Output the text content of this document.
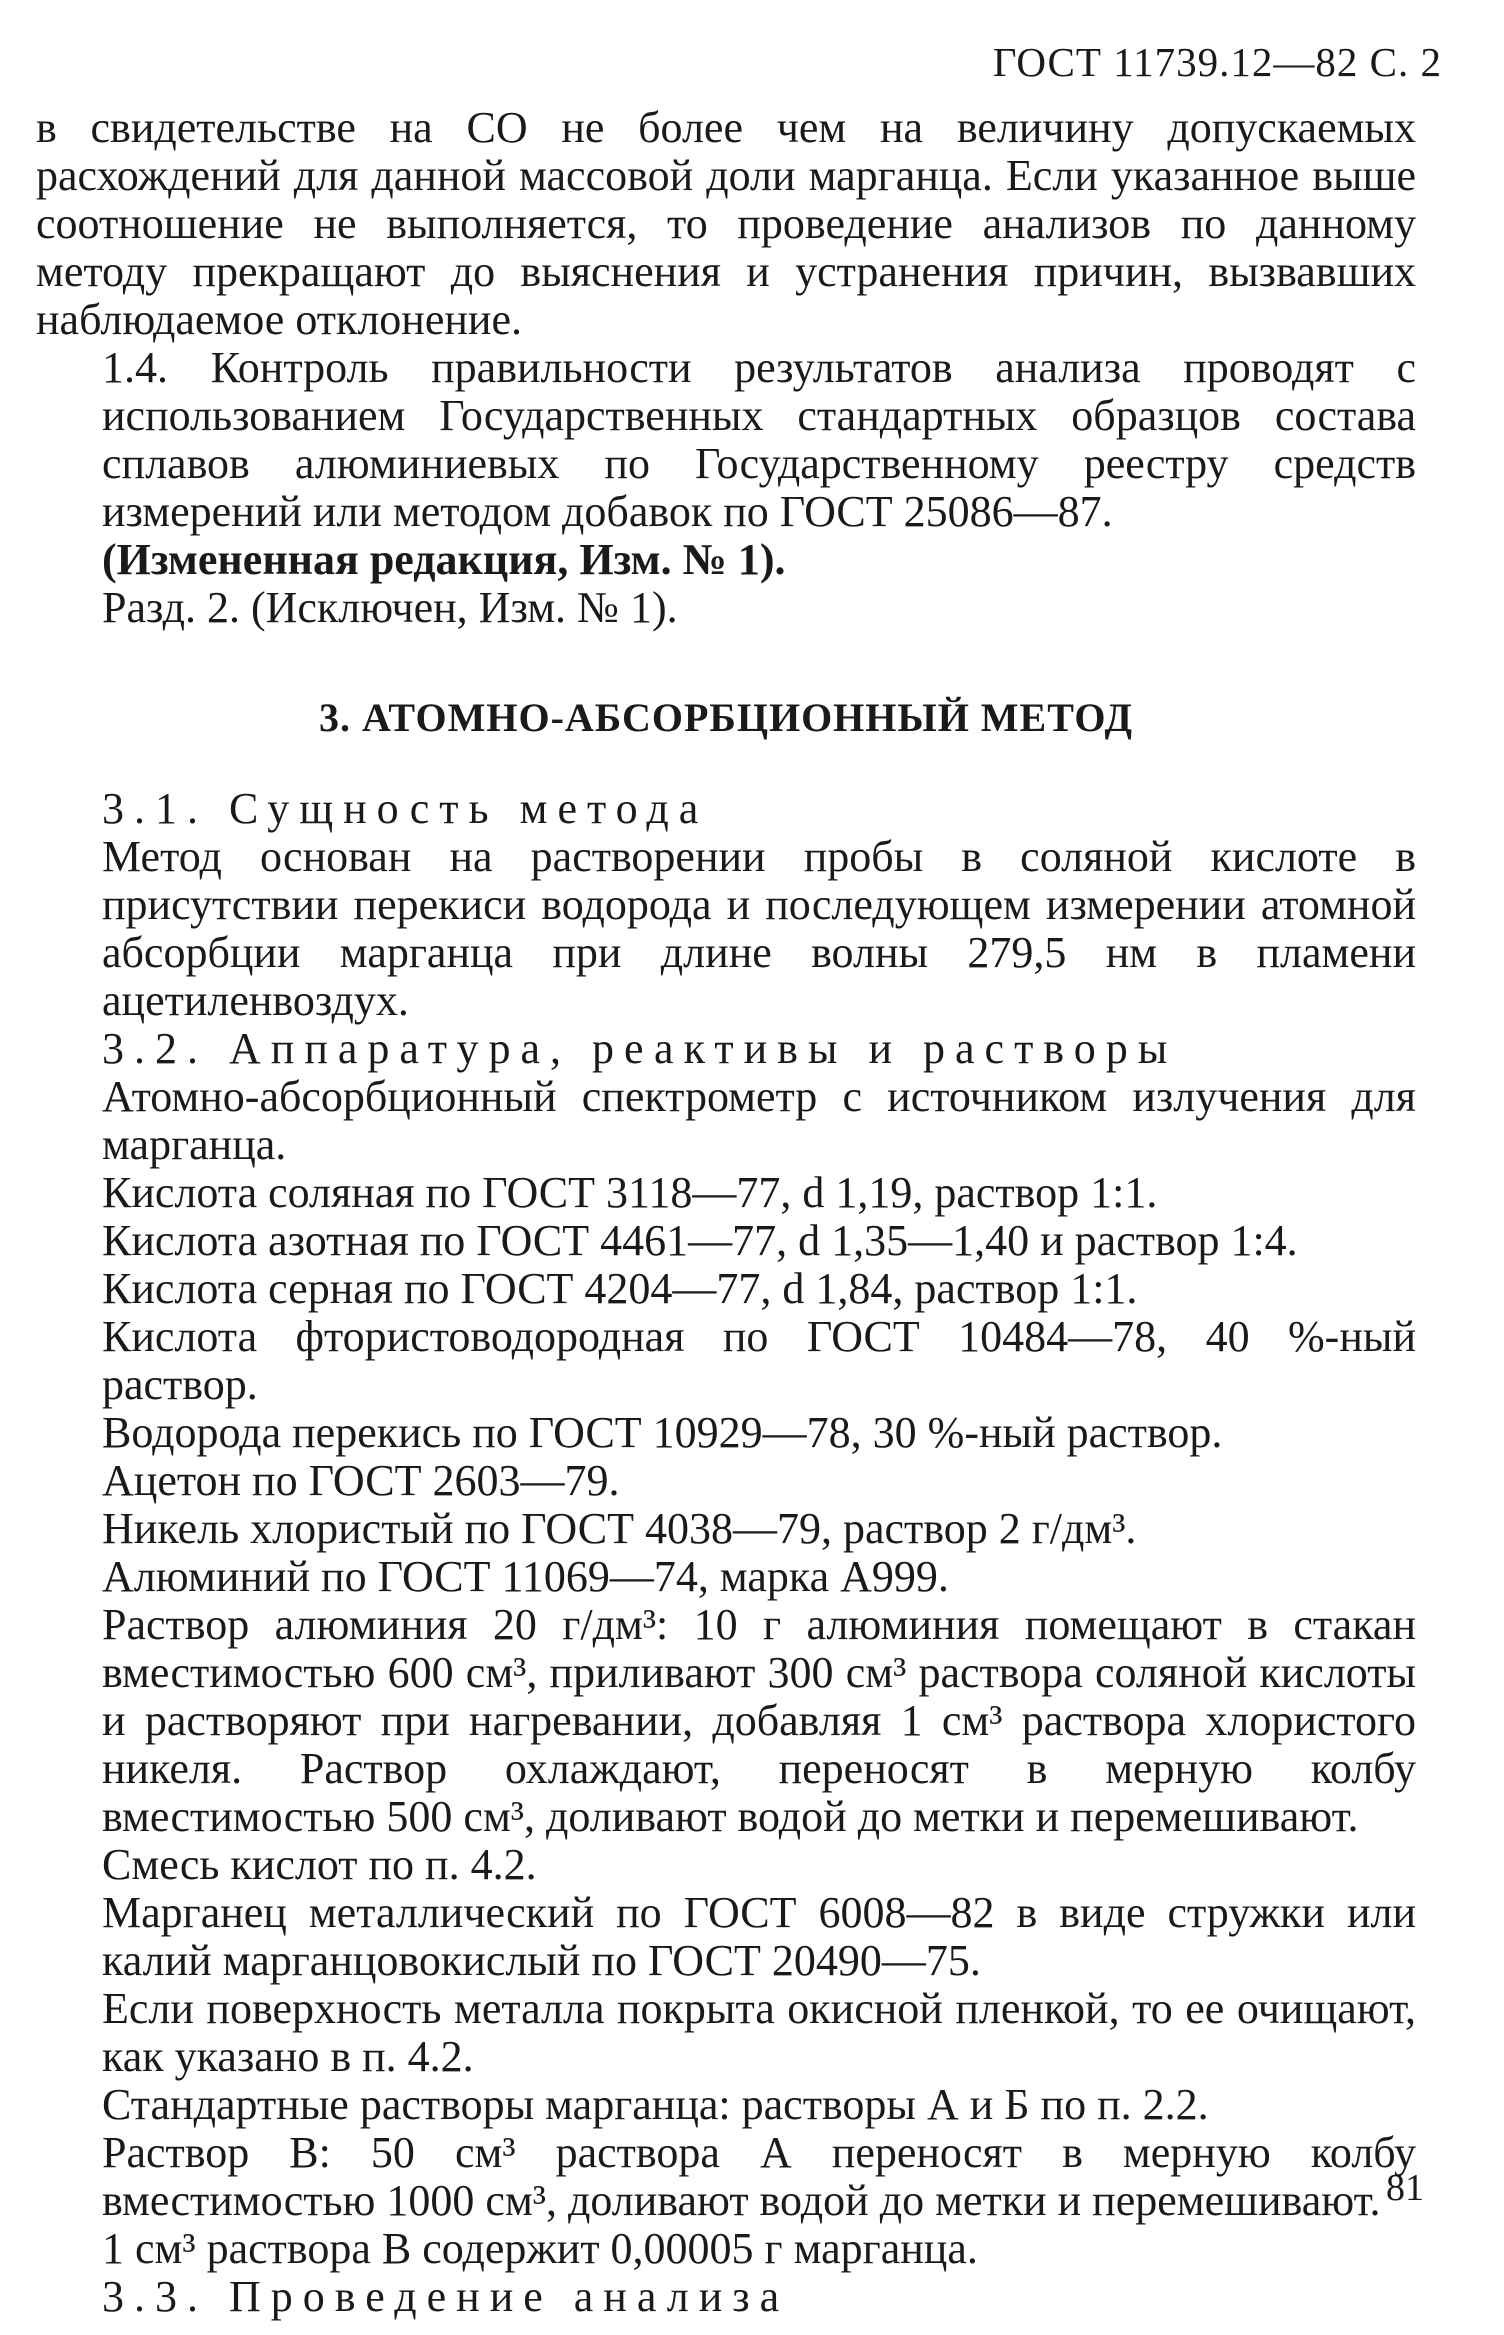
ГОСТ 11739.12—82 С. 2

в свидетельстве на СО не более чем на величину допускаемых расхождений для данной массовой доли марганца. Если указанное выше соотношение не выполняется, то проведение анализов по данному методу прекращают до выяснения и устранения причин, вызвавших наблюдаемое отклонение.

1.4. Контроль правильности результатов анализа проводят с использованием Государственных стандартных образцов состава сплавов алюминиевых по Государственному реестру средств измерений или методом добавок по ГОСТ 25086—87.

(Измененная редакция, Изм. № 1).

Разд. 2. (Исключен, Изм. № 1).

3. АТОМНО-АБСОРБЦИОННЫЙ МЕТОД

3.1. Сущность метода

Метод основан на растворении пробы в соляной кислоте в присутствии перекиси водорода и последующем измерении атомной абсорбции марганца при длине волны 279,5 нм в пламени ацетиленвоздух.

3.2. Аппаратура, реактивы и растворы

Атомно-абсорбционный спектрометр с источником излучения для марганца.

Кислота соляная по ГОСТ 3118—77, d 1,19, раствор 1:1.

Кислота азотная по ГОСТ 4461—77, d 1,35—1,40 и раствор 1:4.

Кислота серная по ГОСТ 4204—77, d 1,84, раствор 1:1.

Кислота фтористоводородная по ГОСТ 10484—78, 40 %-ный раствор.

Водорода перекись по ГОСТ 10929—78, 30 %-ный раствор.

Ацетон по ГОСТ 2603—79.

Никель хлористый по ГОСТ 4038—79, раствор 2 г/дм³.

Алюминий по ГОСТ 11069—74, марка А999.

Раствор алюминия 20 г/дм³: 10 г алюминия помещают в стакан вместимостью 600 см³, приливают 300 см³ раствора соляной кислоты и растворяют при нагревании, добавляя 1 см³ раствора хлористого никеля. Раствор охлаждают, переносят в мерную колбу вместимостью 500 см³, доливают водой до метки и перемешивают.

Смесь кислот по п. 4.2.

Марганец металлический по ГОСТ 6008—82 в виде стружки или калий марганцовокислый по ГОСТ 20490—75.

Если поверхность металла покрыта окисной пленкой, то ее очищают, как указано в п. 4.2.

Стандартные растворы марганца: растворы А и Б по п. 2.2.

Раствор В: 50 см³ раствора А переносят в мерную колбу вместимостью 1000 см³, доливают водой до метки и перемешивают.

1 см³ раствора В содержит 0,00005 г марганца.

3.3. Проведение анализа

81
